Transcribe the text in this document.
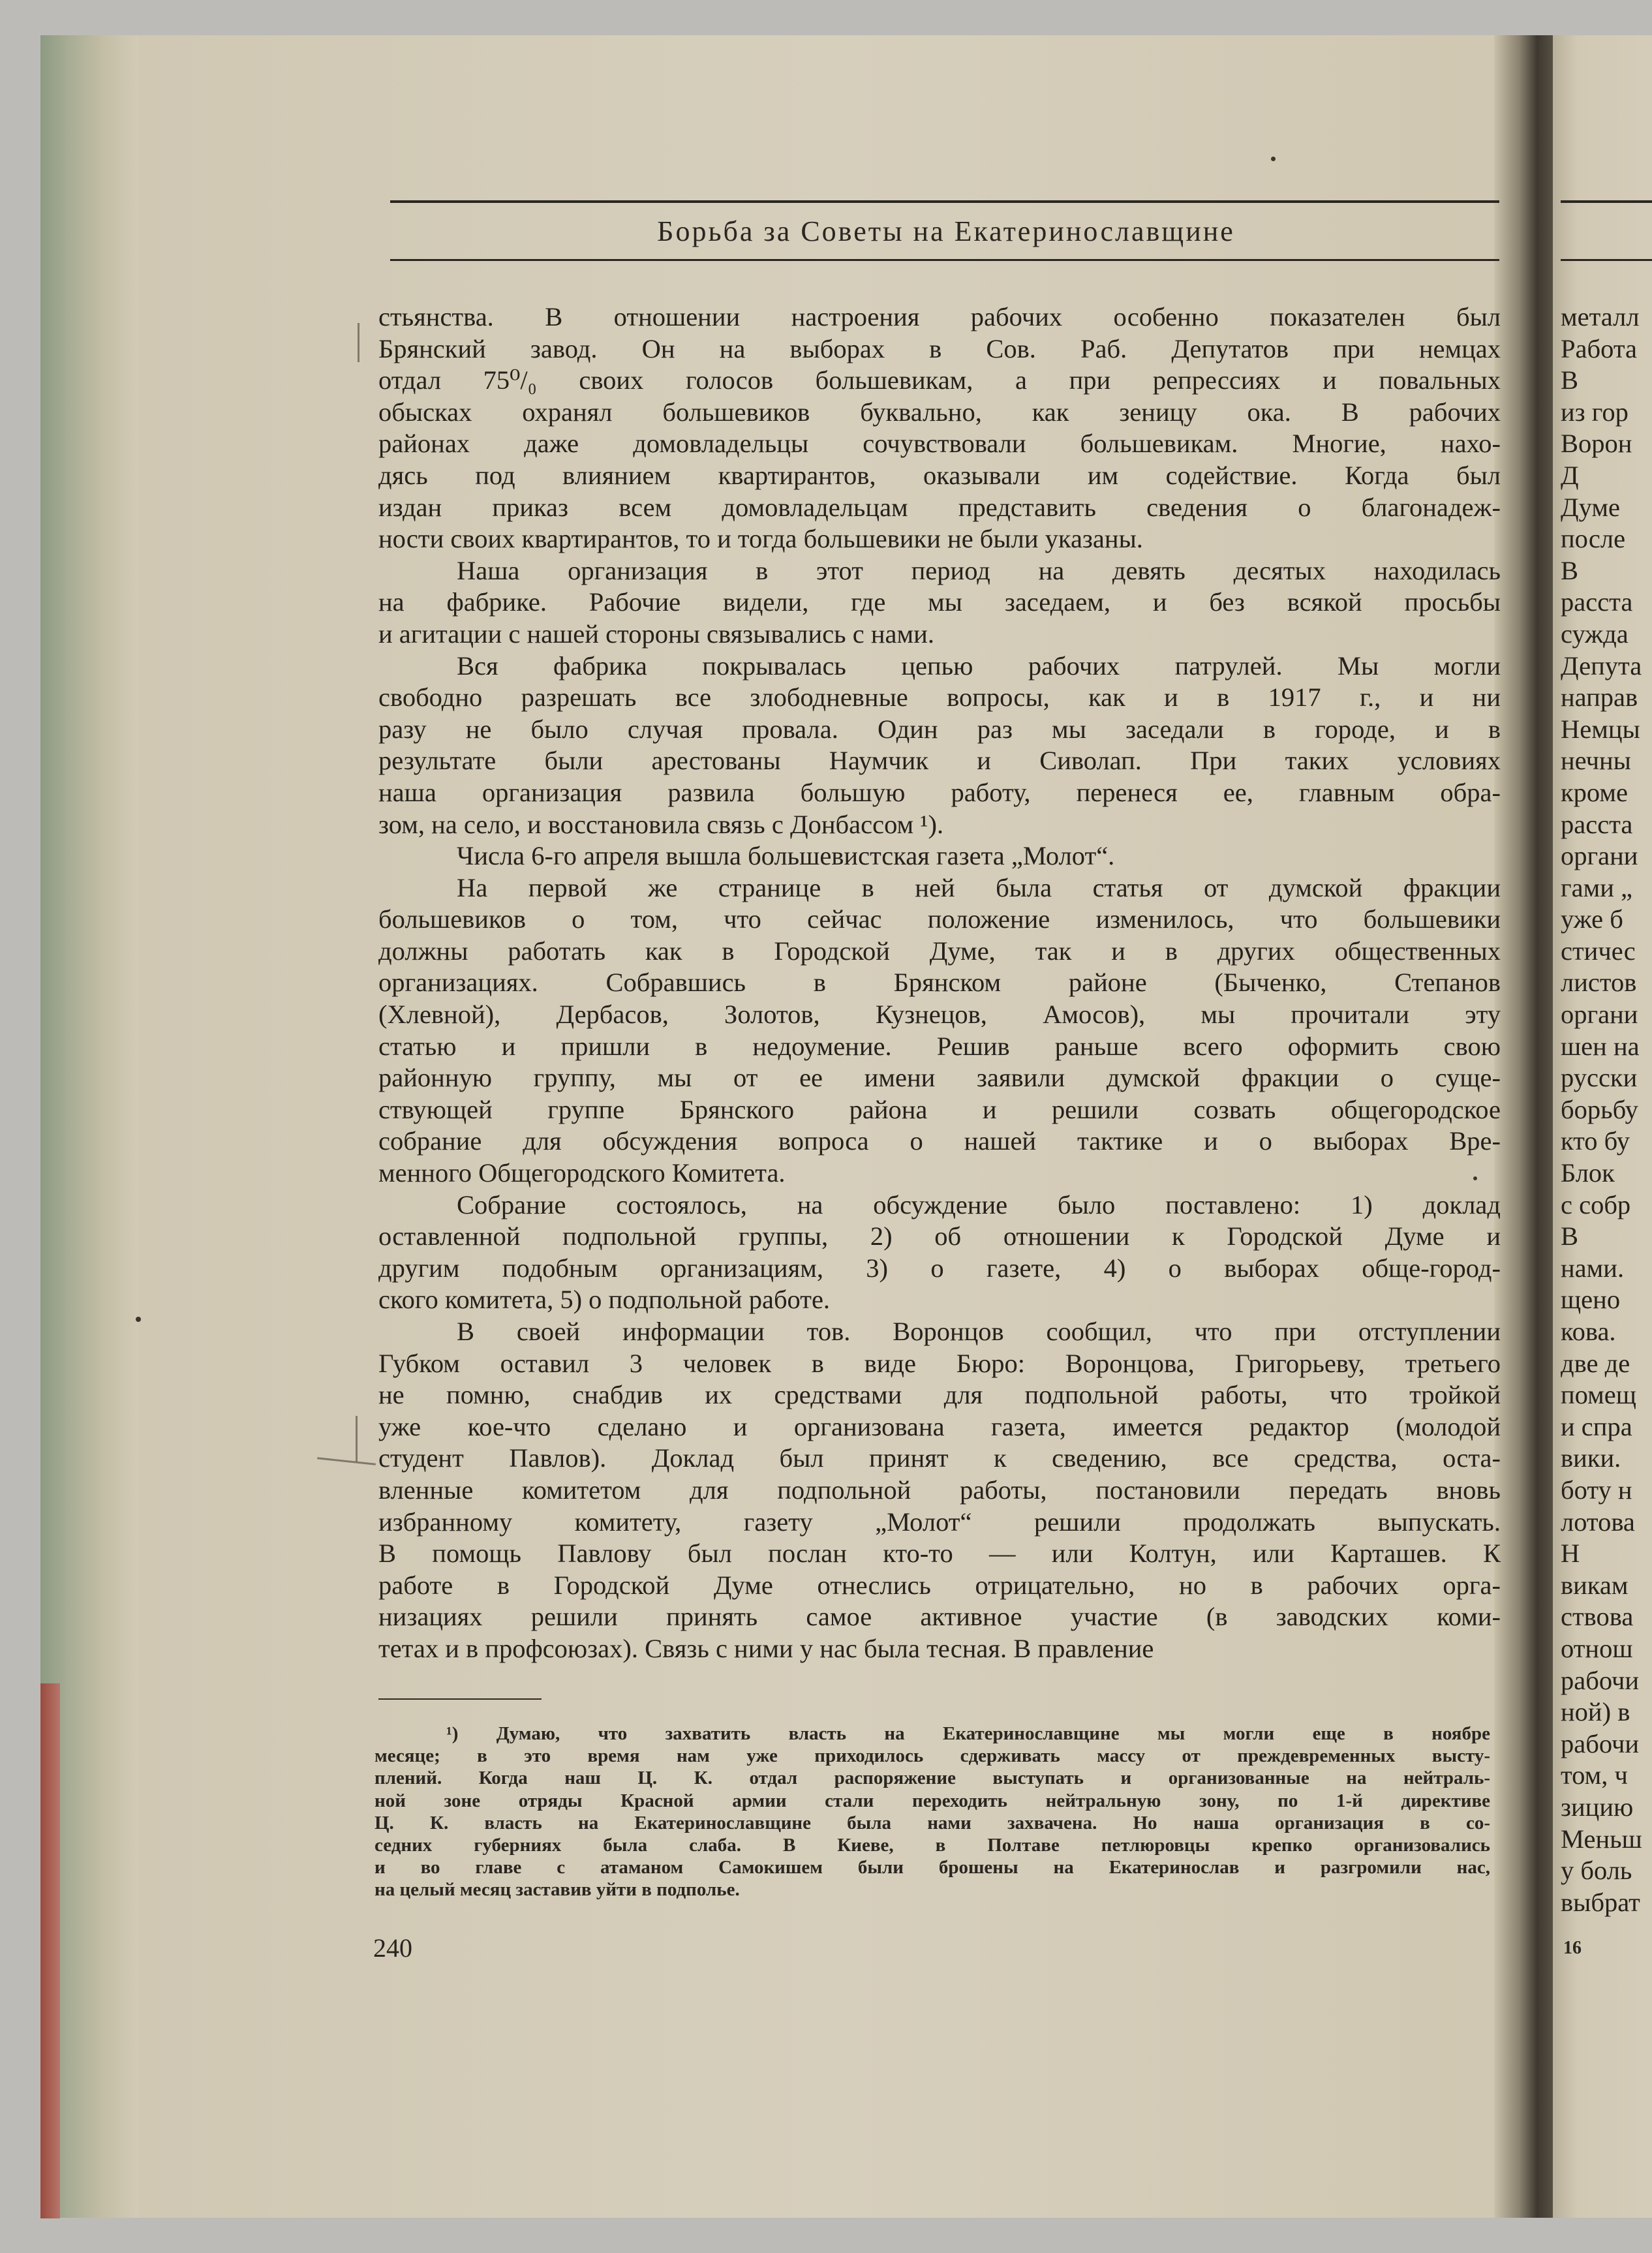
Борьба за Советы на Екатеринославщине

стьянства. В отношении настроения рабочих особенно показателен был

Брянский завод. Он на выборах в Сов. Раб. Депутатов при немцах

отдал 75⁰/₀ своих голосов большевикам, а при репрессиях и повальных

обысках охранял большевиков буквально, как зеницу ока. В рабочих

районах даже домовладельцы сочувствовали большевикам. Многие, нахо-

дясь под влиянием квартирантов, оказывали им содействие. Когда был

издан приказ всем домовладельцам представить сведения о благонадеж-

ности своих квартирантов, то и тогда большевики не были указаны.

Наша организация в этот период на девять десятых находилась

на фабрике. Рабочие видели, где мы заседаем, и без всякой просьбы

и агитации с нашей стороны связывались с нами.

Вся фабрика покрывалась цепью рабочих патрулей. Мы могли

свободно разрешать все злободневные вопросы, как и в 1917 г., и ни

разу не было случая провала. Один раз мы заседали в городе, и в

результате были арестованы Наумчик и Сиволап. При таких условиях

наша организация развила большую работу, перенеся ее, главным обра-

зом, на село, и восстановила связь с Донбассом ¹).

Числа 6-го апреля вышла большевистская газета „Молот“.

На первой же странице в ней была статья от думской фракции

большевиков о том, что сейчас положение изменилось, что большевики

должны работать как в Городской Думе, так и в других общественных

организациях. Собравшись в Брянском районе (Быченко, Степанов

(Хлевной), Дербасов, Золотов, Кузнецов, Амосов), мы прочитали эту

статью и пришли в недоумение. Решив раньше всего оформить свою

районную группу, мы от ее имени заявили думской фракции о суще-

ствующей группе Брянского района и решили созвать общегородское

собрание для обсуждения вопроса о нашей тактике и о выборах Вре-

менного Общегородского Комитета.

Собрание состоялось, на обсуждение было поставлено: 1) доклад

оставленной подпольной группы, 2) об отношении к Городской Думе и

другим подобным организациям, 3) о газете, 4) о выборах обще-город-

ского комитета, 5) о подпольной работе.

В своей информации тов. Воронцов сообщил, что при отступлении

Губком оставил 3 человек в виде Бюро: Воронцова, Григорьеву, третьего

не помню, снабдив их средствами для подпольной работы, что тройкой

уже кое-что сделано и организована газета, имеется редактор (молодой

студент Павлов). Доклад был принят к сведению, все средства, оста-

вленные комитетом для подпольной работы, постановили передать вновь

избранному комитету, газету „Молот“ решили продолжать выпускать.

В помощь Павлову был послан кто-то — или Колтун, или Карташев. К

работе в Городской Думе отнеслись отрицательно, но в рабочих орга-

низациях решили принять самое активное участие (в заводских коми-

тетах и в профсоюзах). Связь с ними у нас была тесная. В правление

¹) Думаю, что захватить власть на Екатеринославщине мы могли еще в ноябре

месяце; в это время нам уже приходилось сдерживать массу от преждевременных высту-

плений. Когда наш Ц. К. отдал распоряжение выступать и организованные на нейтраль-

ной зоне отряды Красной армии стали переходить нейтральную зону, по 1-й директиве

Ц. К. власть на Екатеринославщине была нами захвачена. Но наша организация в со-

седних губерниях была слаба. В Киеве, в Полтаве петлюровцы крепко организовались

и во главе с атаманом Самокишем были брошены на Екатеринослав и разгромили нас,

на целый месяц заставив уйти в подполье.

240	16
металл
Работа
В
из гор
Ворон
Д
Думе
после
В
расста
сужда
Депута
направ
Немцы
нечны
кроме
расста
органи
гами „
уже б
стичес
листов
органи
шен на
русски
борьбу
кто бу
Блок
с собр
В
нами.
щено
кова.
две де
помещ
и спра
вики.
боту н
лотова
Н
викам
ствова
отнош
рабочи
ной) в
рабочи
том, ч
зицию
Меньш
у боль
выбрат
